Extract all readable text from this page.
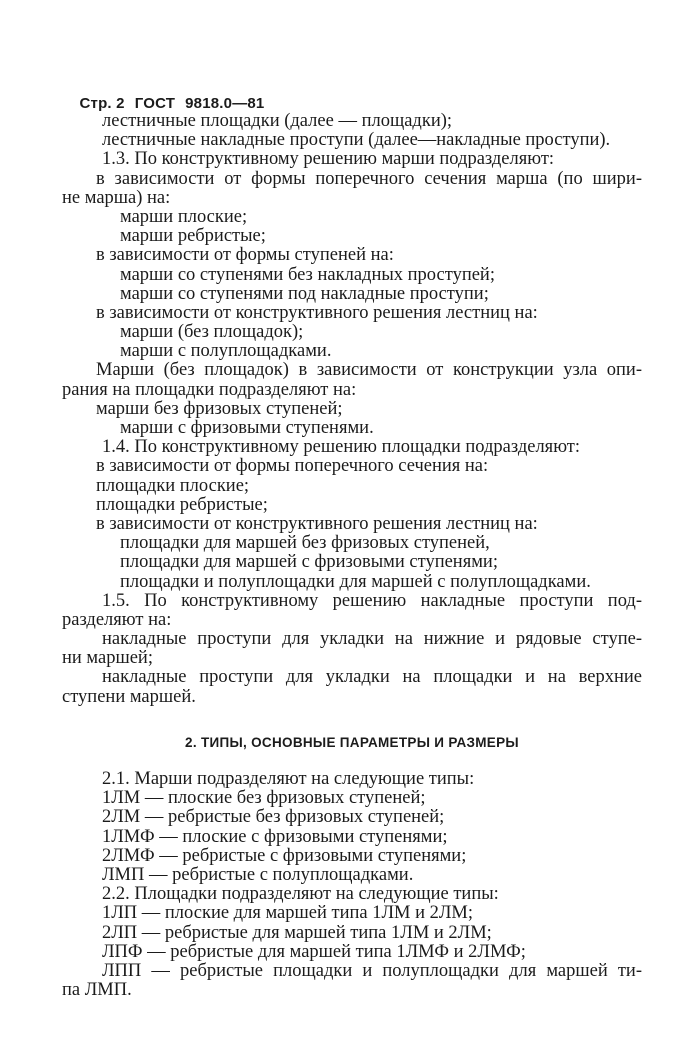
Стр. 2 ГОСТ 9818.0—81

лестничные площадки (далее — площадки);
лестничные накладные проступи (далее—накладные проступи).
1.3. По конструктивному решению марши подразделяют:
в зависимости от формы поперечного сечения марша (по шири-
не марша) на:
марши плоские;
марши ребристые;
в зависимости от формы ступеней на:
марши со ступенями без накладных проступей;
марши со ступенями под накладные проступи;
в зависимости от конструктивного решения лестниц на:
марши (без площадок);
марши с полуплощадками.
Марши (без площадок) в зависимости от конструкции узла опи-
рания на площадки подразделяют на:
марши без фризовых ступеней;
марши с фризовыми ступенями.
1.4. По конструктивному решению площадки подразделяют:
в зависимости от формы поперечного сечения на:
площадки плоские;
площадки ребристые;
в зависимости от конструктивного решения лестниц на:
площадки для маршей без фризовых ступеней,
площадки для маршей с фризовыми ступенями;
площадки и полуплощадки для маршей с полуплощадками.
1.5. По конструктивному решению накладные проступи под-
разделяют на:
накладные проступи для укладки на нижние и рядовые ступе-
ни маршей;
накладные проступи для укладки на площадки и на верхние
ступени маршей.
2. ТИПЫ, ОСНОВНЫЕ ПАРАМЕТРЫ И РАЗМЕРЫ
2.1. Марши подразделяют на следующие типы:
1ЛМ — плоские без фризовых ступеней;
2ЛМ — ребристые без фризовых ступеней;
1ЛМФ — плоские с фризовыми ступенями;
2ЛМФ — ребристые с фризовыми ступенями;
ЛМП — ребристые с полуплощадками.
2.2. Площадки подразделяют на следующие типы:
1ЛП — плоские для маршей типа 1ЛМ и 2ЛМ;
2ЛП — ребристые для маршей типа 1ЛМ и 2ЛМ;
ЛПФ — ребристые для маршей типа 1ЛМФ и 2ЛМФ;
ЛПП — ребристые площадки и полуплощадки для маршей ти-
па ЛМП.
